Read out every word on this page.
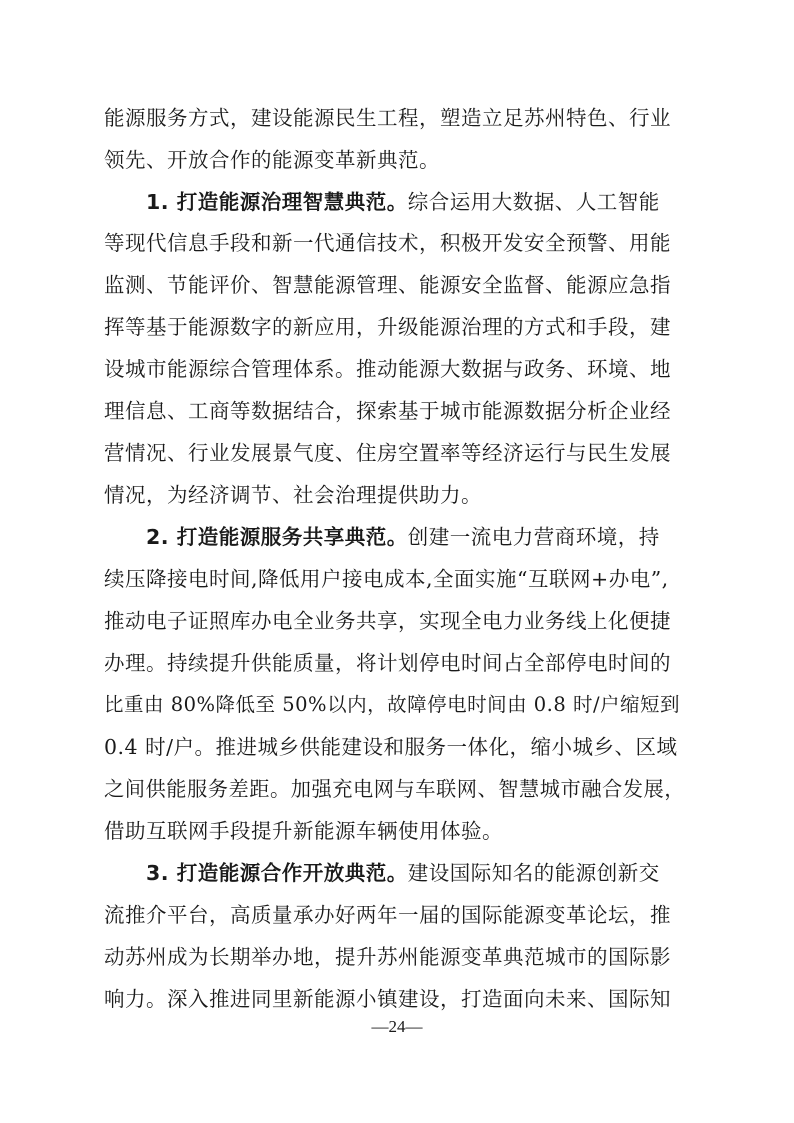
能源服务方式，建设能源民生工程，塑造立足苏州特色、行业
领先、开放合作的能源变革新典范。
1. 打造能源治理智慧典范。综合运用大数据、人工智能
等现代信息手段和新一代通信技术，积极开发安全预警、用能
监测、节能评价、智慧能源管理、能源安全监督、能源应急指
挥等基于能源数字的新应用，升级能源治理的方式和手段，建
设城市能源综合管理体系。推动能源大数据与政务、环境、地
理信息、工商等数据结合，探索基于城市能源数据分析企业经
营情况、行业发展景气度、住房空置率等经济运行与民生发展
情况，为经济调节、社会治理提供助力。
2. 打造能源服务共享典范。创建一流电力营商环境，持
续压降接电时间,降低用户接电成本,全面实施“互联网+办电”,
推动电子证照库办电全业务共享，实现全电力业务线上化便捷
办理。持续提升供能质量，将计划停电时间占全部停电时间的
比重由 80%降低至 50%以内，故障停电时间由 0.8 时/户缩短到
0.4 时/户。推进城乡供能建设和服务一体化，缩小城乡、区域
之间供能服务差距。加强充电网与车联网、智慧城市融合发展，
借助互联网手段提升新能源车辆使用体验。
3. 打造能源合作开放典范。建设国际知名的能源创新交
流推介平台，高质量承办好两年一届的国际能源变革论坛，推
动苏州成为长期举办地，提升苏州能源变革典范城市的国际影
响力。深入推进同里新能源小镇建设，打造面向未来、国际知
—24—
